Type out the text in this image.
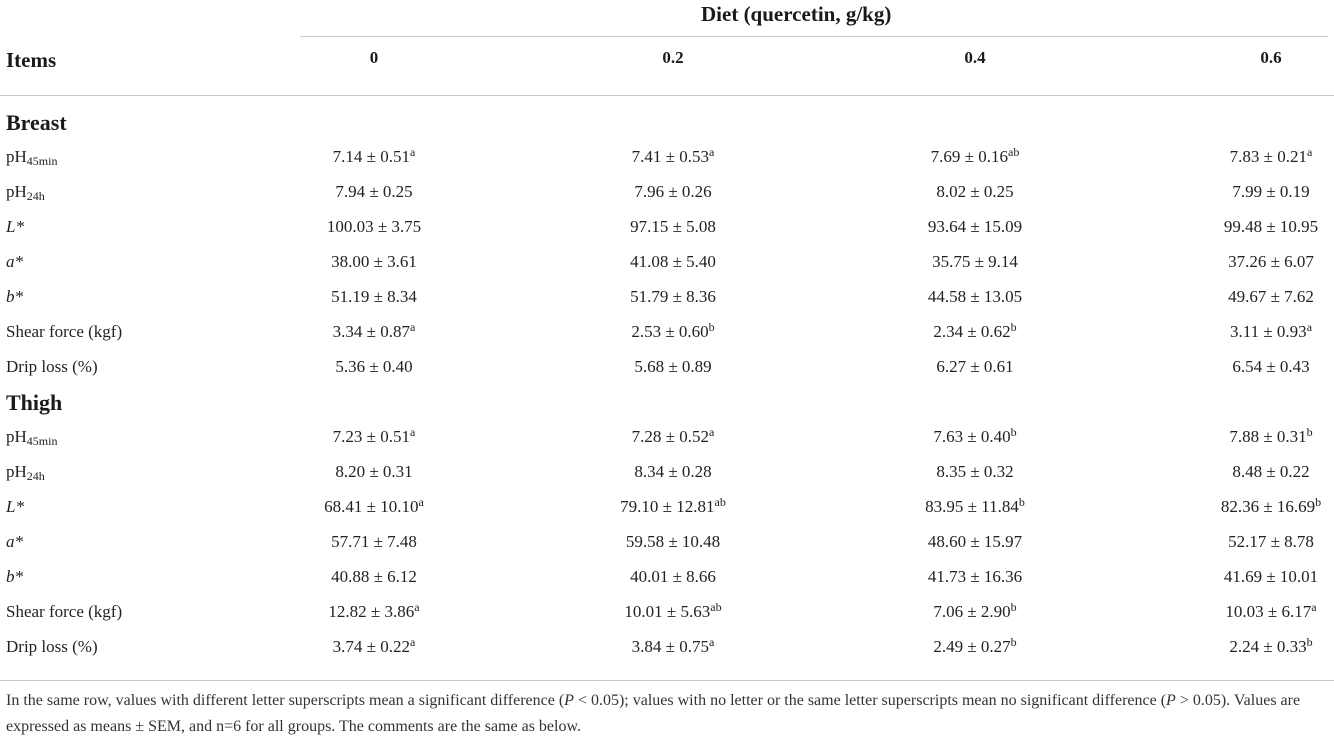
Diet (quercetin, g/kg)
Items	0	0.2	0.4	0.6
Breast
$pH_{45min}$	7.14 ± 0.51$^a$	7.41 ± 0.53$^a$	7.69 ± 0.16$^{ab}$	7.83 ± 0.21$^a$
$pH_{24h}$	7.94 ± 0.25	7.96 ± 0.26	8.02 ± 0.25	7.99 ± 0.19
L*	100.03 ± 3.75	97.15 ± 5.08	93.64 ± 15.09	99.48 ± 10.95
a*	38.00 ± 3.61	41.08 ± 5.40	35.75 ± 9.14	37.26 ± 6.07
b*	51.19 ± 8.34	51.79 ± 8.36	44.58 ± 13.05	49.67 ± 7.62
Shear force (kgf)	3.34 ± 0.87$^a$	2.53 ± 0.60$^b$	2.34 ± 0.62$^b$	3.11 ± 0.93$^a$
Drip loss (%)	5.36 ± 0.40	5.68 ± 0.89	6.27 ± 0.61	6.54 ± 0.43
Thigh
$pH_{45min}$	7.23 ± 0.51$^a$	7.28 ± 0.52$^a$	7.63 ± 0.40$^b$	7.88 ± 0.31$^b$
$pH_{24h}$	8.20 ± 0.31	8.34 ± 0.28	8.35 ± 0.32	8.48 ± 0.22
L*	68.41 ± 10.10$^a$	79.10 ± 12.81$^{ab}$	83.95 ± 11.84$^b$	82.36 ± 16.69$^b$
a*	57.71 ± 7.48	59.58 ± 10.48	48.60 ± 15.97	52.17 ± 8.78
b*	40.88 ± 6.12	40.01 ± 8.66	41.73 ± 16.36	41.69 ± 10.01
Shear force (kgf)	12.82 ± 3.86$^a$	10.01 ± 5.63$^{ab}$	7.06 ± 2.90$^b$	10.03 ± 6.17$^a$
Drip loss (%)	3.74 ± 0.22$^a$	3.84 ± 0.75$^a$	2.49 ± 0.27$^b$	2.24 ± 0.33$^b$
In the same row, values with different letter superscripts mean a significant difference (P < 0.05); values with no letter or the same letter superscripts mean no significant difference (P > 0.05). Values are expressed as means ± SEM, and n=6 for all groups. The comments are the same as below.
